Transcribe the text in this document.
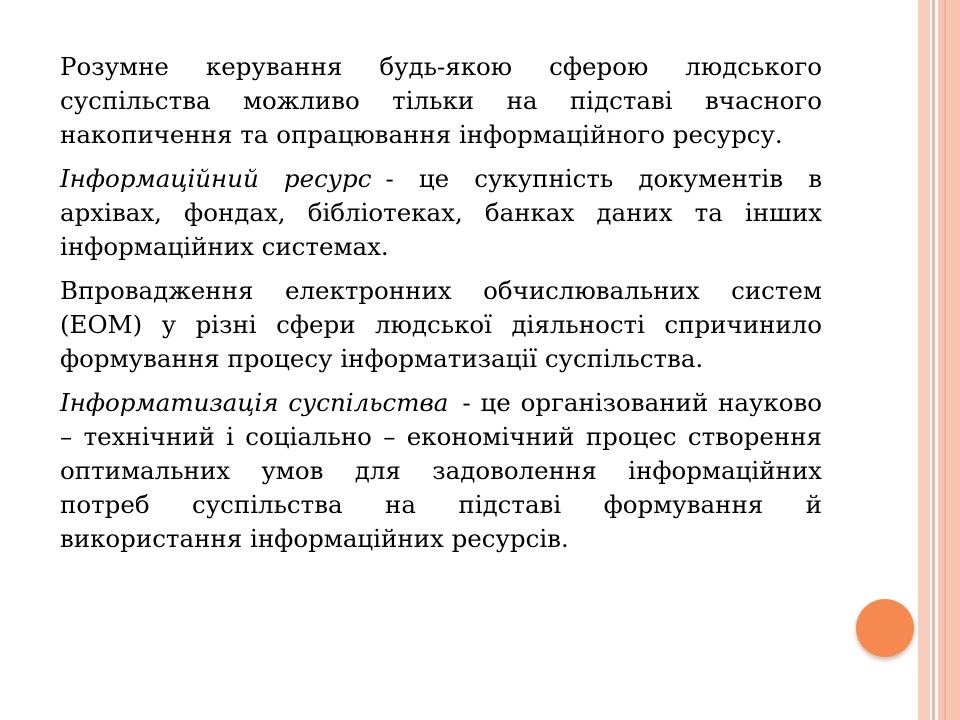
Розумне керування будь-якою сферою людського суспільства можливо тільки на підставі вчасного накопичення та опрацювання інформаційного ресурсу.

Інформаційний ресурс - це сукупність документів в архівах, фондах, бібліотеках, банках даних та інших інформаційних системах.

Впровадження електронних обчислювальних систем (ЕОМ) у різні сфери людської діяльності спричинило формування процесу інформатизації суспільства.

Інформатизація суспільства - це організований науково – технічний і соціально – економічний процес створення оптимальних умов для задоволення інформаційних потреб суспільства на підставі формування й використання інформаційних ресурсів.
